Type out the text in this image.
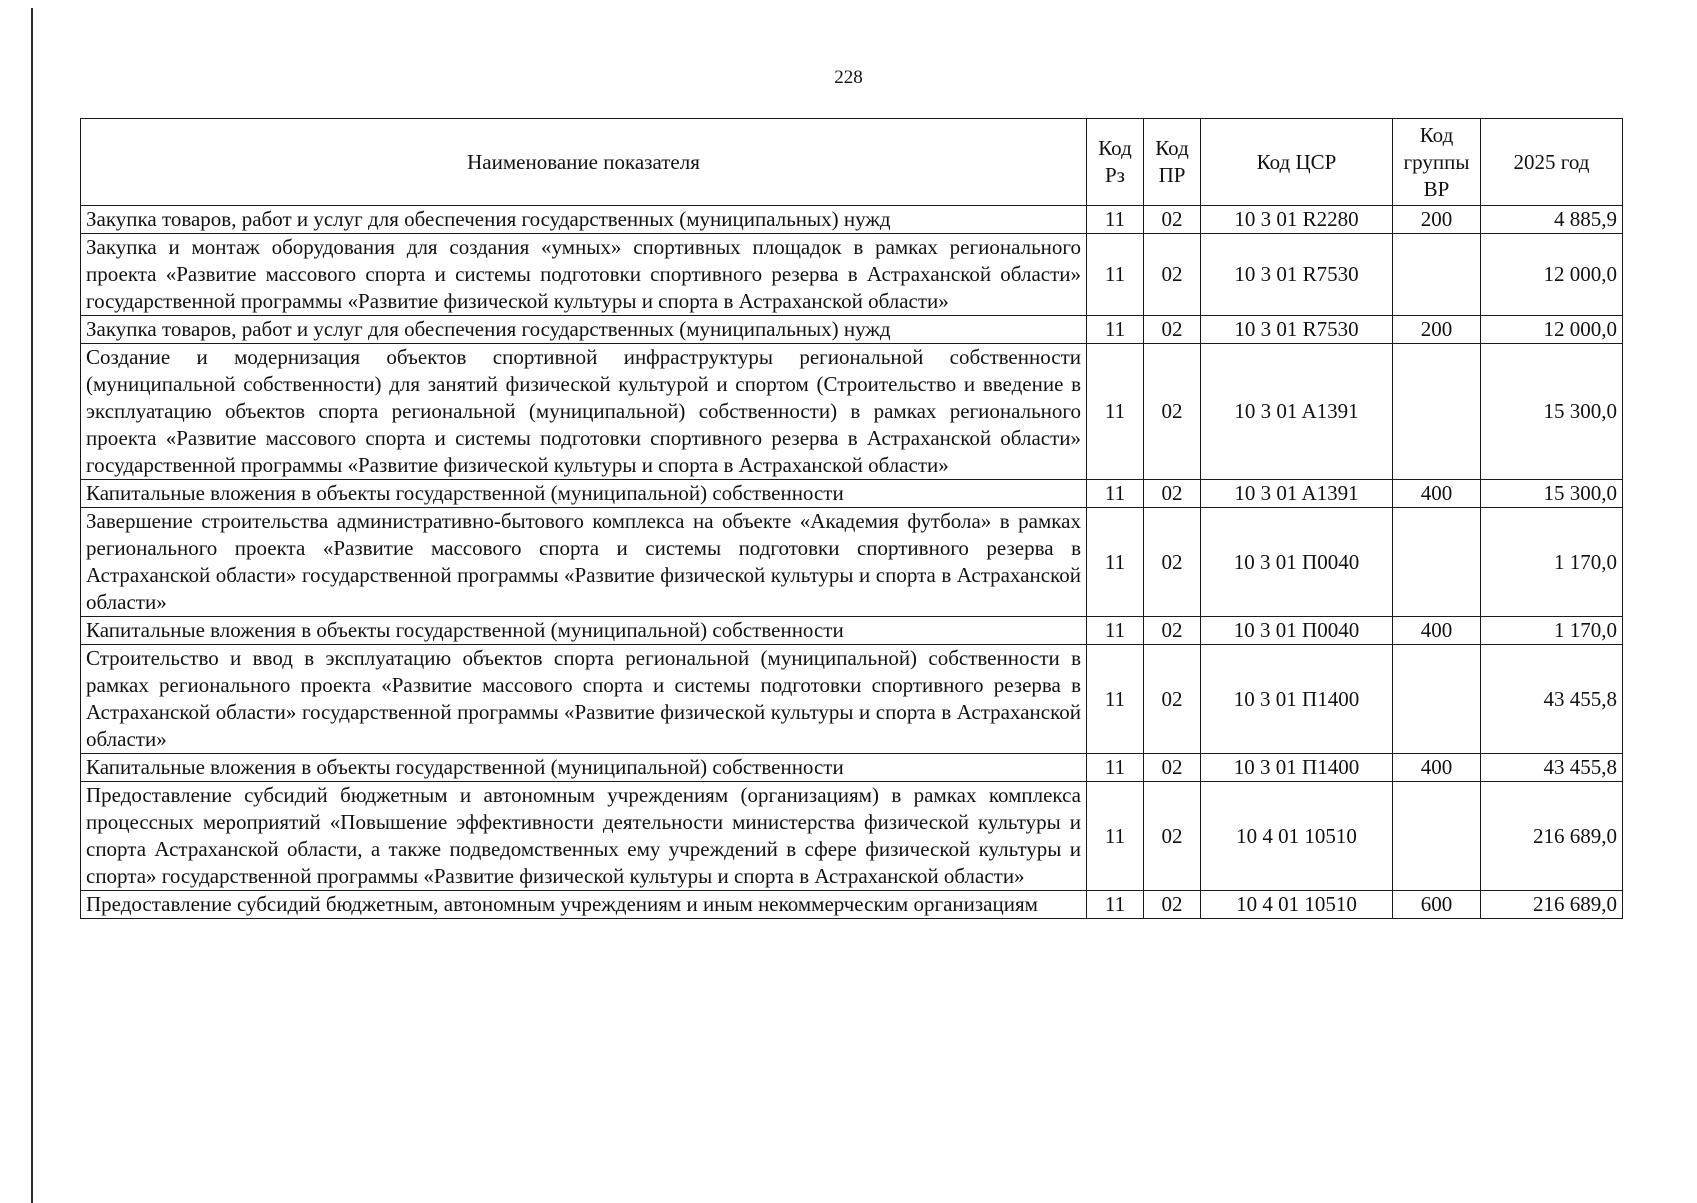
228
Наименование показателя	Код Рз	Код ПР	Код ЦСР	Код группы ВР	2025 год
Закупка товаров, работ и услуг для обеспечения государственных (муниципальных) нужд	11	02	10 3 01 R2280	200	4 885,9
Закупка и монтаж оборудования для создания «умных» спортивных площадок в рамках регионального проекта «Развитие массового спорта и системы подготовки спортивного резерва в Астраханской области» государственной программы «Развитие физической культуры и спорта в Астраханской области»	11	02	10 3 01 R7530		12 000,0
Закупка товаров, работ и услуг для обеспечения государственных (муниципальных) нужд	11	02	10 3 01 R7530	200	12 000,0
Создание и модернизация объектов спортивной инфраструктуры региональной собственности (муниципальной собственности) для занятий физической культурой и спортом (Строительство и введение в эксплуатацию объектов спорта региональной (муниципальной) собственности) в рамках регионального проекта «Развитие массового спорта и системы подготовки спортивного резерва в Астраханской области» государственной программы «Развитие физической культуры и спорта в Астраханской области»	11	02	10 3 01 A1391		15 300,0
Капитальные вложения в объекты государственной (муниципальной) собственности	11	02	10 3 01 A1391	400	15 300,0
Завершение строительства административно-бытового комплекса на объекте «Академия футбола» в рамках регионального проекта «Развитие массового спорта и системы подготовки спортивного резерва в Астраханской области» государственной программы «Развитие физической культуры и спорта в Астраханской области»	11	02	10 3 01 П0040		1 170,0
Капитальные вложения в объекты государственной (муниципальной) собственности	11	02	10 3 01 П0040	400	1 170,0
Строительство и ввод в эксплуатацию объектов спорта региональной (муниципальной) собственности в рамках регионального проекта «Развитие массового спорта и системы подготовки спортивного резерва в Астраханской области» государственной программы «Развитие физической культуры и спорта в Астраханской области»	11	02	10 3 01 П1400		43 455,8
Капитальные вложения в объекты государственной (муниципальной) собственности	11	02	10 3 01 П1400	400	43 455,8
Предоставление субсидий бюджетным и автономным учреждениям (организациям) в рамках комплекса процессных мероприятий «Повышение эффективности деятельности министерства физической культуры и спорта Астраханской области, а также подведомственных ему учреждений в сфере физической культуры и спорта» государственной программы «Развитие физической культуры и спорта в Астраханской области»	11	02	10 4 01 10510		216 689,0
Предоставление субсидий бюджетным, автономным учреждениям и иным некоммерческим организациям	11	02	10 4 01 10510	600	216 689,0
